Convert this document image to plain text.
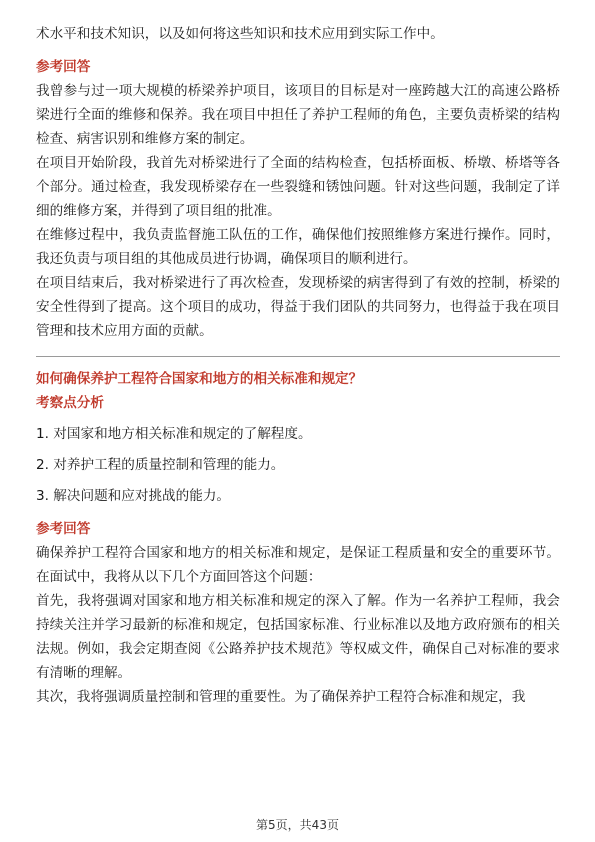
术水平和技术知识，以及如何将这些知识和技术应用到实际工作中。

参考回答

我曾参与过一项大规模的桥梁养护项目，该项目的目标是对一座跨越大江的高速公路桥梁进行全面的维修和保养。我在项目中担任了养护工程师的角色，主要负责桥梁的结构检查、病害识别和维修方案的制定。

在项目开始阶段，我首先对桥梁进行了全面的结构检查，包括桥面板、桥墩、桥塔等各个部分。通过检查，我发现桥梁存在一些裂缝和锈蚀问题。针对这些问题，我制定了详细的维修方案，并得到了项目组的批准。

在维修过程中，我负责监督施工队伍的工作，确保他们按照维修方案进行操作。同时，我还负责与项目组的其他成员进行协调，确保项目的顺利进行。

在项目结束后，我对桥梁进行了再次检查，发现桥梁的病害得到了有效的控制，桥梁的安全性得到了提高。这个项目的成功，得益于我们团队的共同努力，也得益于我在项目管理和技术应用方面的贡献。

如何确保养护工程符合国家和地方的相关标准和规定？
考察点分析

1. 对国家和地方相关标准和规定的了解程度。

2. 对养护工程的质量控制和管理的能力。

3. 解决问题和应对挑战的能力。

参考回答

确保养护工程符合国家和地方的相关标准和规定，是保证工程质量和安全的重要环节。在面试中，我将从以下几个方面回答这个问题：

首先，我将强调对国家和地方相关标准和规定的深入了解。作为一名养护工程师，我会持续关注并学习最新的标准和规定，包括国家标准、行业标准以及地方政府颁布的相关法规。例如，我会定期查阅《公路养护技术规范》等权威文件，确保自己对标准的要求有清晰的理解。

其次，我将强调质量控制和管理的重要性。为了确保养护工程符合标准和规定，我

第5页，共43页
